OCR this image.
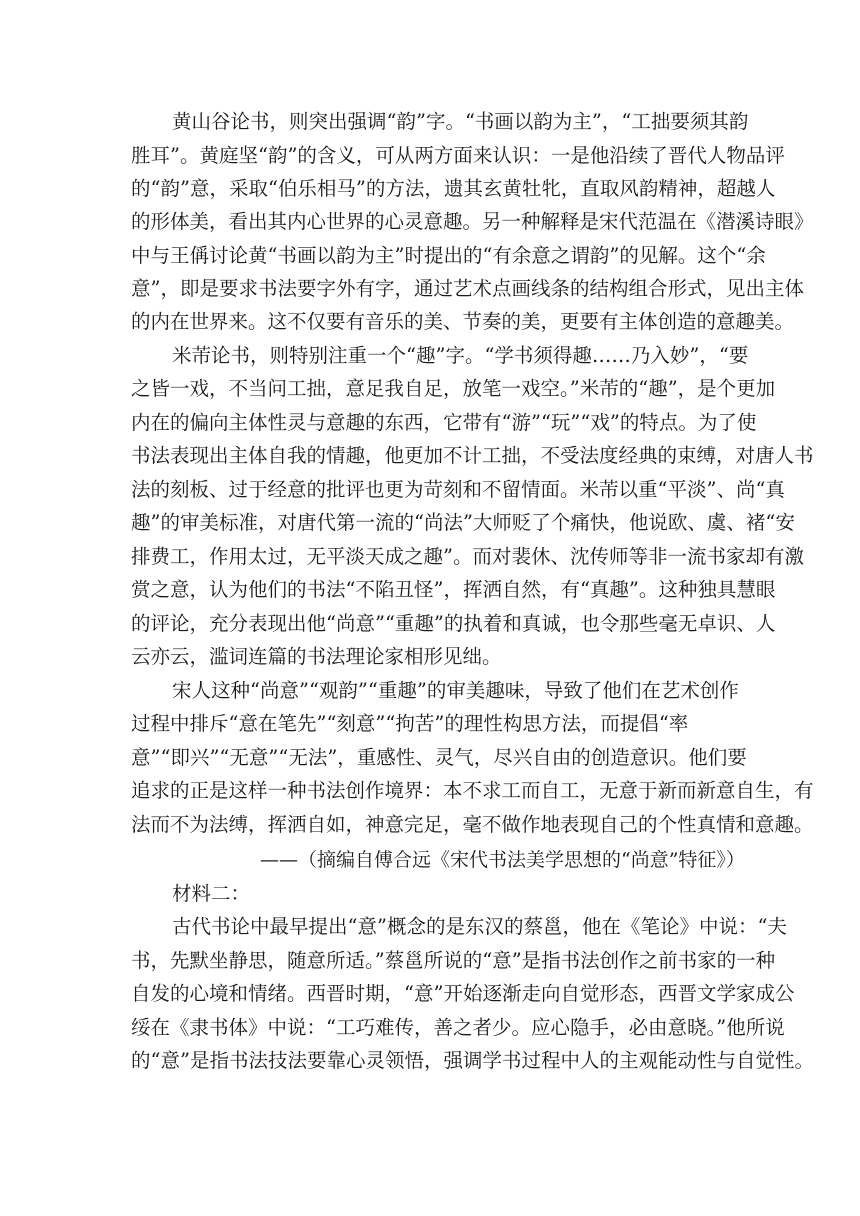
黄山谷论书，则突出强调“韵”字。“书画以韵为主”，“工拙要须其韵
胜耳”。黄庭坚“韵”的含义，可从两方面来认识：一是他沿续了晋代人物品评
的“韵”意，采取“伯乐相马”的方法，遗其玄黄牡牝，直取风韵精神，超越人
的形体美，看出其内心世界的心灵意趣。另一种解释是宋代范温在《潜溪诗眼》
中与王偁讨论黄“书画以韵为主”时提出的“有余意之谓韵”的见解。这个“余
意”，即是要求书法要字外有字，通过艺术点画线条的结构组合形式，见出主体
的内在世界来。这不仅要有音乐的美、节奏的美，更要有主体创造的意趣美。
米芾论书，则特别注重一个“趣”字。“学书须得趣……乃入妙”，“要
之皆一戏，不当问工拙，意足我自足，放笔一戏空。”米芾的“趣”，是个更加
内在的偏向主体性灵与意趣的东西，它带有“游”“玩”“戏”的特点。为了使
书法表现出主体自我的情趣，他更加不计工拙，不受法度经典的束缚，对唐人书
法的刻板、过于经意的批评也更为苛刻和不留情面。米芾以重“平淡”、尚“真
趣”的审美标准，对唐代第一流的“尚法”大师贬了个痛快，他说欧、虞、褚“安
排费工，作用太过，无平淡天成之趣”。而对裴休、沈传师等非一流书家却有激
赏之意，认为他们的书法“不陷丑怪”，挥洒自然，有“真趣”。这种独具慧眼
的评论，充分表现出他“尚意”“重趣”的执着和真诚，也令那些毫无卓识、人
云亦云，滥词连篇的书法理论家相形见绌。
宋人这种“尚意”“观韵”“重趣”的审美趣味，导致了他们在艺术创作
过程中排斥“意在笔先”“刻意”“拘苦”的理性构思方法，而提倡“率
意”“即兴”“无意”“无法”，重感性、灵气，尽兴自由的创造意识。他们要
追求的正是这样一种书法创作境界：本不求工而自工，无意于新而新意自生，有
法而不为法缚，挥洒自如，神意完足，毫不做作地表现自己的个性真情和意趣。
——（摘编自傅合远《宋代书法美学思想的“尚意”特征》）
材料二：
古代书论中最早提出“意”概念的是东汉的蔡邕，他在《笔论》中说：“夫
书，先默坐静思，随意所适。”蔡邕所说的“意”是指书法创作之前书家的一种
自发的心境和情绪。西晋时期，“意”开始逐渐走向自觉形态，西晋文学家成公
绥在《隶书体》中说：“工巧难传，善之者少。应心隐手，必由意晓。”他所说
的“意”是指书法技法要靠心灵领悟，强调学书过程中人的主观能动性与自觉性。
